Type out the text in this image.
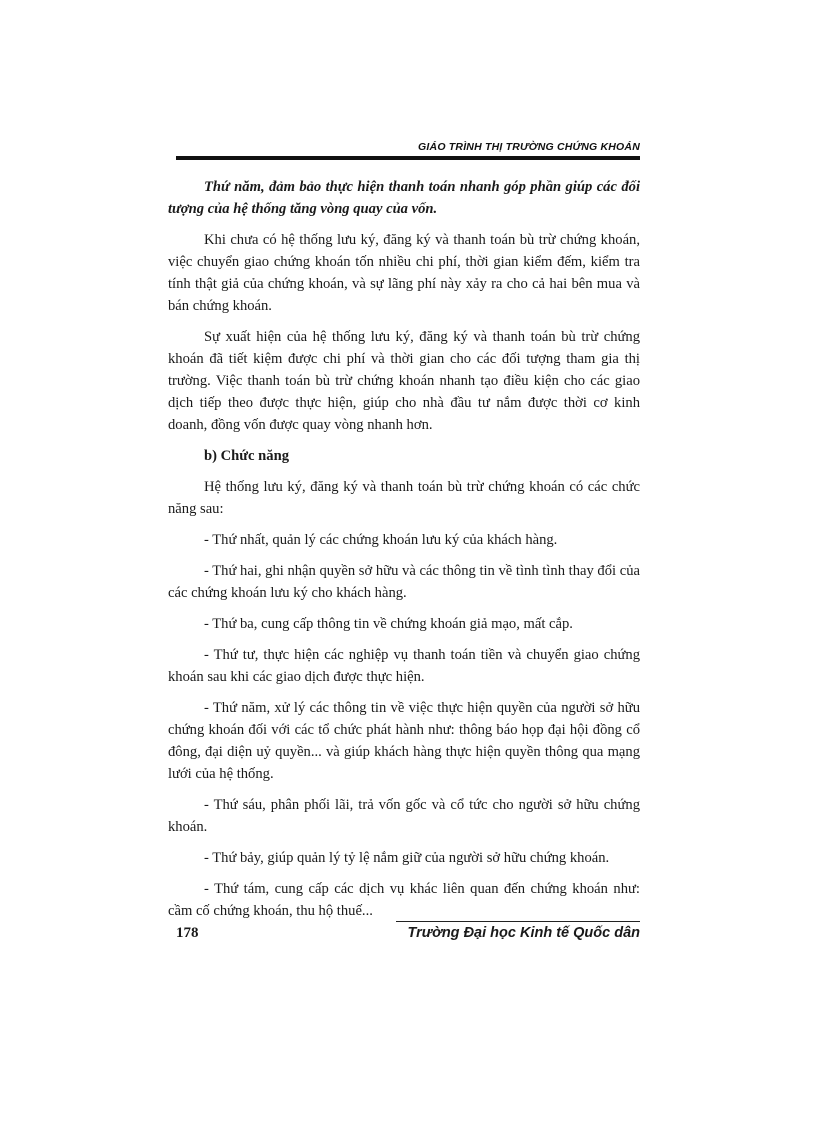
GIÁO TRÌNH THỊ TRƯỜNG CHỨNG KHOÁN

Thứ năm, đảm bảo thực hiện thanh toán nhanh góp phần giúp các đối tượng của hệ thống tăng vòng quay của vốn.

Khi chưa có hệ thống lưu ký, đăng ký và thanh toán bù trừ chứng khoán, việc chuyển giao chứng khoán tốn nhiều chi phí, thời gian kiểm đếm, kiểm tra tính thật giả của chứng khoán, và sự lãng phí này xảy ra cho cả hai bên mua và bán chứng khoán.

Sự xuất hiện của hệ thống lưu ký, đăng ký và thanh toán bù trừ chứng khoán đã tiết kiệm được chi phí và thời gian cho các đối tượng tham gia thị trường. Việc thanh toán bù trừ chứng khoán nhanh tạo điều kiện cho các giao dịch tiếp theo được thực hiện, giúp cho nhà đầu tư nắm được thời cơ kinh doanh, đồng vốn được quay vòng nhanh hơn.

b) Chức năng

Hệ thống lưu ký, đăng ký và thanh toán bù trừ chứng khoán có các chức năng sau:

- Thứ nhất, quản lý các chứng khoán lưu ký của khách hàng.

- Thứ hai, ghi nhận quyền sở hữu và các thông tin về tình tình thay đổi của các chứng khoán lưu ký cho khách hàng.

- Thứ ba, cung cấp thông tin về chứng khoán giả mạo, mất cắp.

- Thứ tư, thực hiện các nghiệp vụ thanh toán tiền và chuyển giao chứng khoán sau khi các giao dịch được thực hiện.

- Thứ năm, xử lý các thông tin về việc thực hiện quyền của người sở hữu chứng khoán đối với các tổ chức phát hành như: thông báo họp đại hội đồng cổ đông, đại diện uỷ quyền... và giúp khách hàng thực hiện quyền thông qua mạng lưới của hệ thống.

- Thứ sáu, phân phối lãi, trả vốn gốc và cổ tức cho người sở hữu chứng khoán.

- Thứ bảy, giúp quản lý tỷ lệ nắm giữ của người sở hữu chứng khoán.

- Thứ tám, cung cấp các dịch vụ khác liên quan đến chứng khoán như: cầm cố chứng khoán, thu hộ thuế...

178	Trường Đại học Kinh tế Quốc dân
